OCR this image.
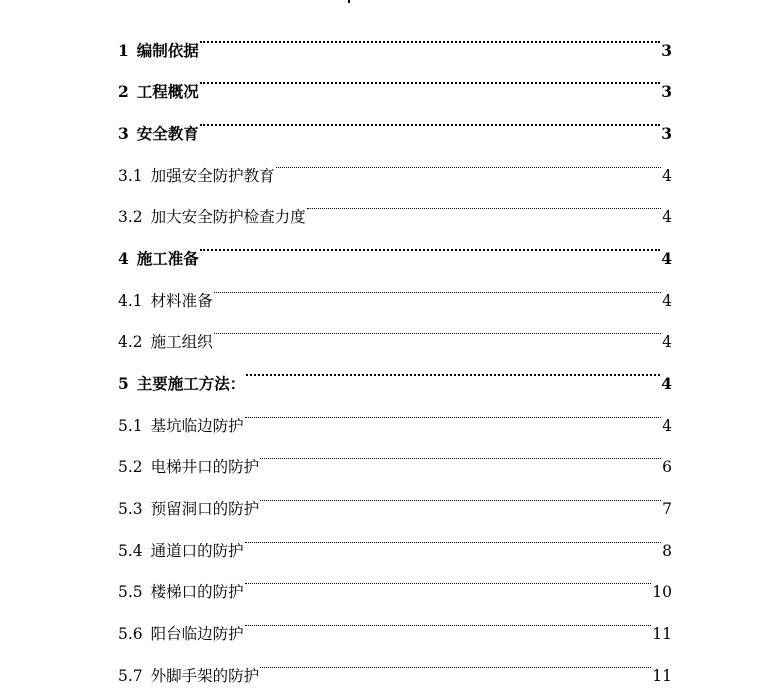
1 编制依据	3
2 工程概况	3
3 安全教育	3
3.1 加强安全防护教育	4
3.2 加大安全防护检查力度	4
4 施工准备	4
4.1 材料准备	4
4.2 施工组织	4
5 主要施工方法：	4
5.1 基坑临边防护	4
5.2 电梯井口的防护	6
5.3 预留洞口的防护	7
5.4 通道口的防护	8
5.5 楼梯口的防护	10
5.6 阳台临边防护	11
5.7 外脚手架的防护	11
